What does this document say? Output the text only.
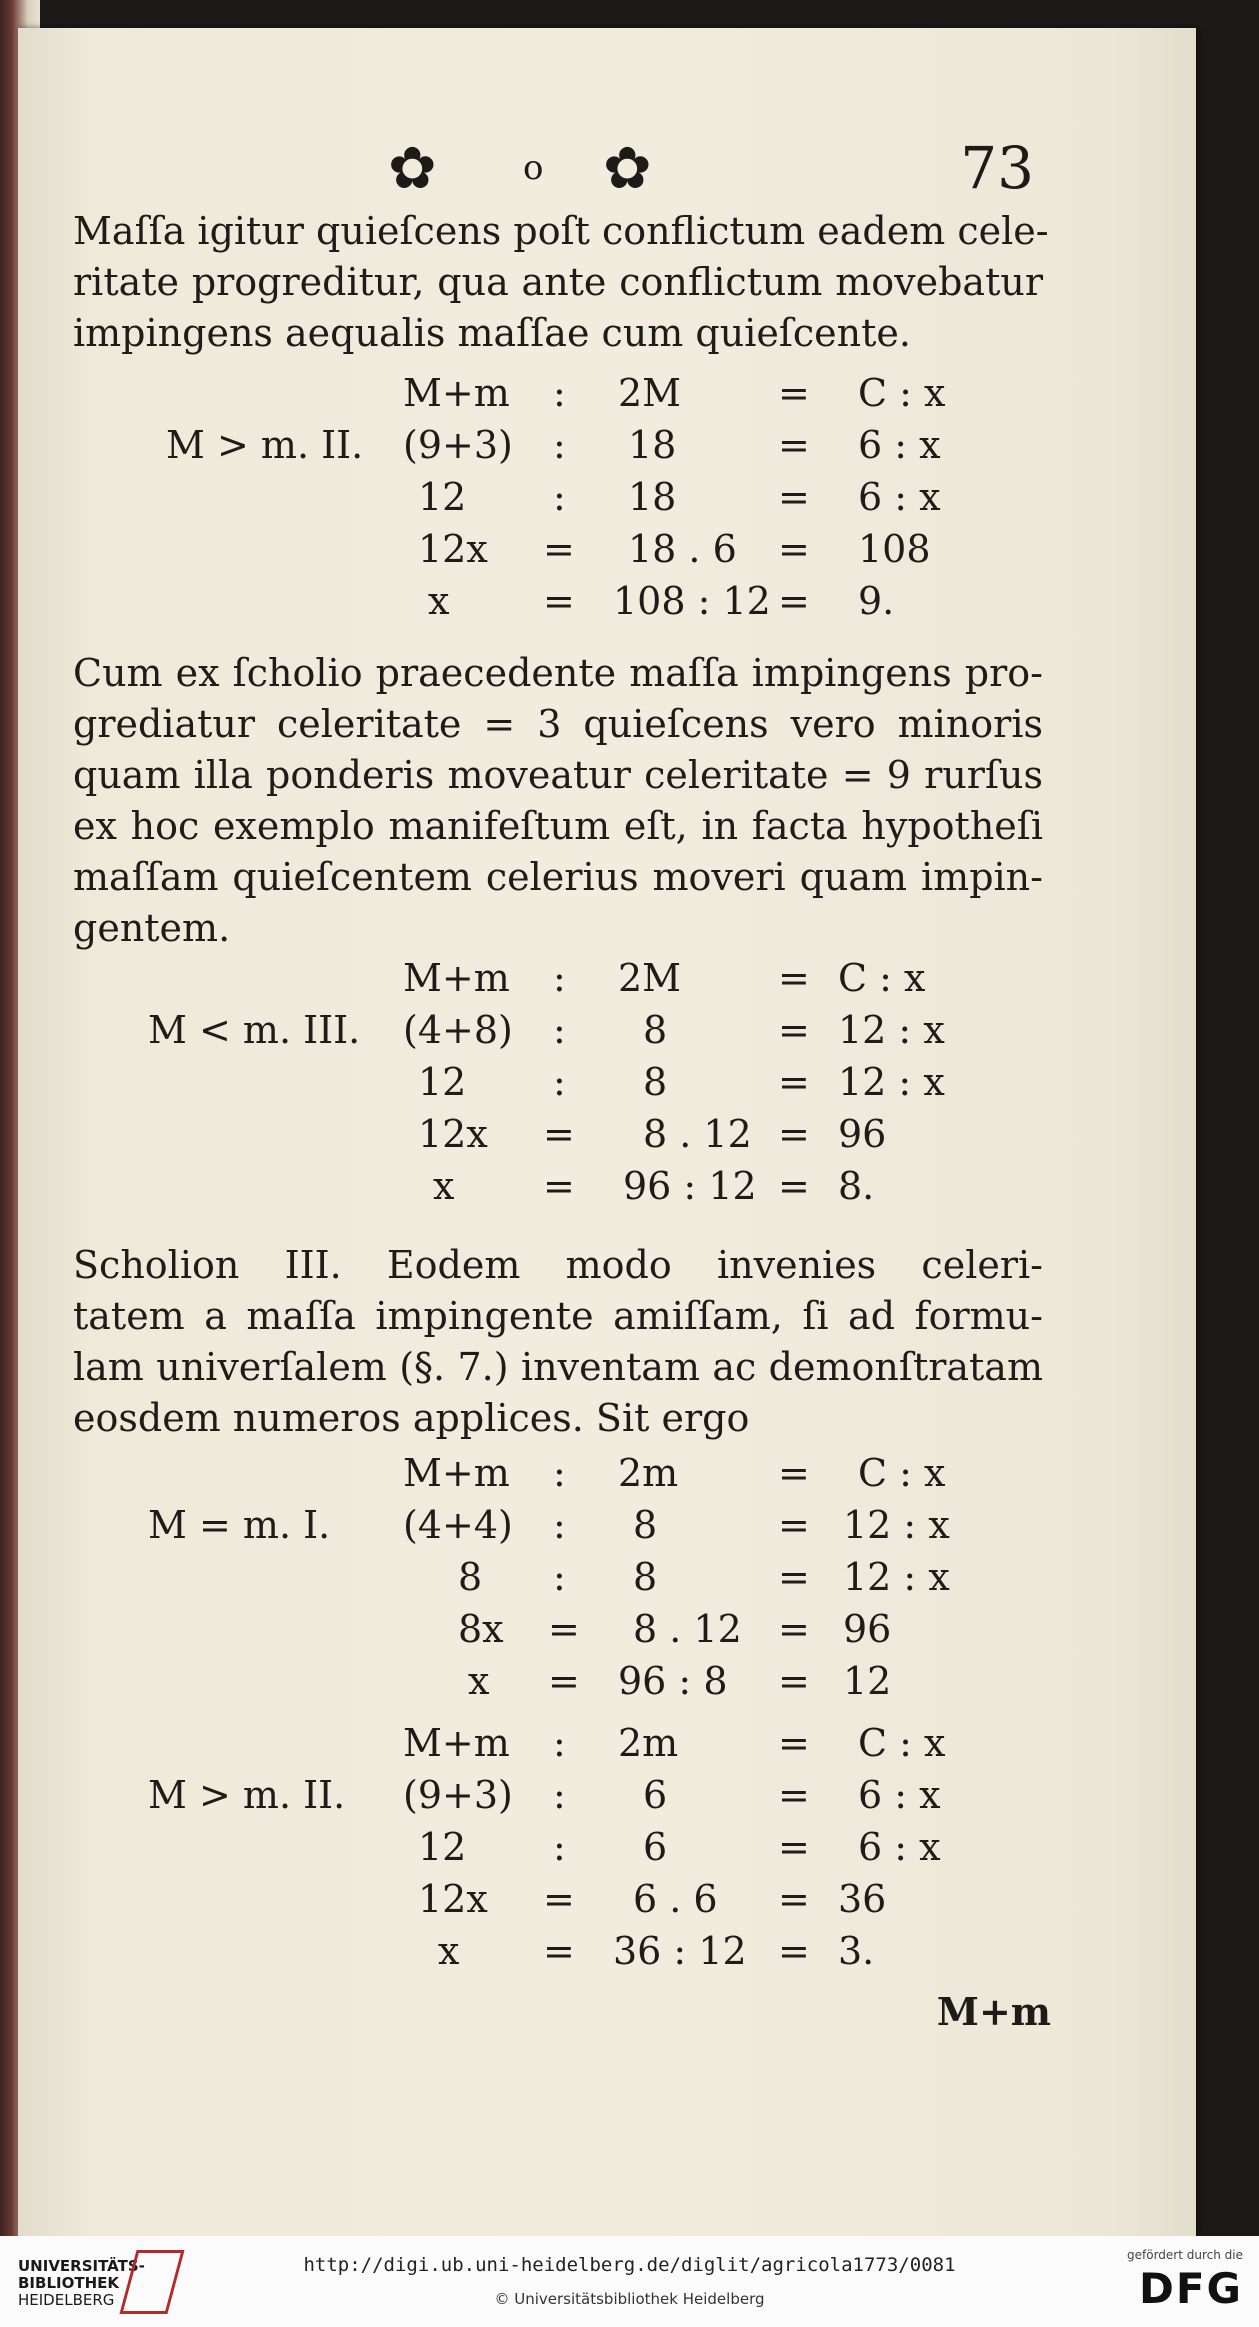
✿	o ✿	73
Maſſa igitur quieſcens poſt conflictum eadem cele-
ritate progreditur, qua ante conflictum movebatur
impingens aequalis maſſae cum quieſcente.
M > m. II.
M+m : 2M	= C : x
(9+3) : 18	= 6 : x
12 : 18	= 6 : x
12x = 18 . 6 = 108
x = 108 : 12 = 9.
Cum ex ſcholio praecedente maſſa impingens pro-
grediatur celeritate = 3 quieſcens vero minoris
quam illa ponderis moveatur celeritate = 9 rurſus
ex hoc exemplo manifeſtum eſt, in facta hypotheſi
maſſam quieſcentem celerius moveri quam impin-
gentem.
M < m. III.
M+m : 2M	= C : x
(4+8) : 8	= 12 : x
12 : 8	= 12 : x
12x = 8 . 12 = 96
x = 96 : 12 = 8.
Scholion III. Eodem modo invenies celeri-
tatem a maſſa impingente amiſſam, ſi ad formu-
lam univerſalem (§. 7.) inventam ac demonſtratam
eosdem numeros applices. Sit ergo
M = m. I.
M+m : 2m	= C : x
(4+4) : 8	= 12 : x
8 : 8	= 12 : x
8x = 8 . 12 = 96
x = 96 : 8 = 12
M > m. II.
M+m : 2m	= C : x
(9+3) : 6	= 6 : x
12 : 6	= 6 : x
12x = 6 . 6 = 36
x = 36 : 12 = 3.
M+m
UNIVERSITÄTS-
BIBLIOTHEK
HEIDELBERG
http://digi.ub.uni-heidelberg.de/diglit/agricola1773/0081
© Universitätsbibliothek Heidelberg
gefördert durch die
DFG
